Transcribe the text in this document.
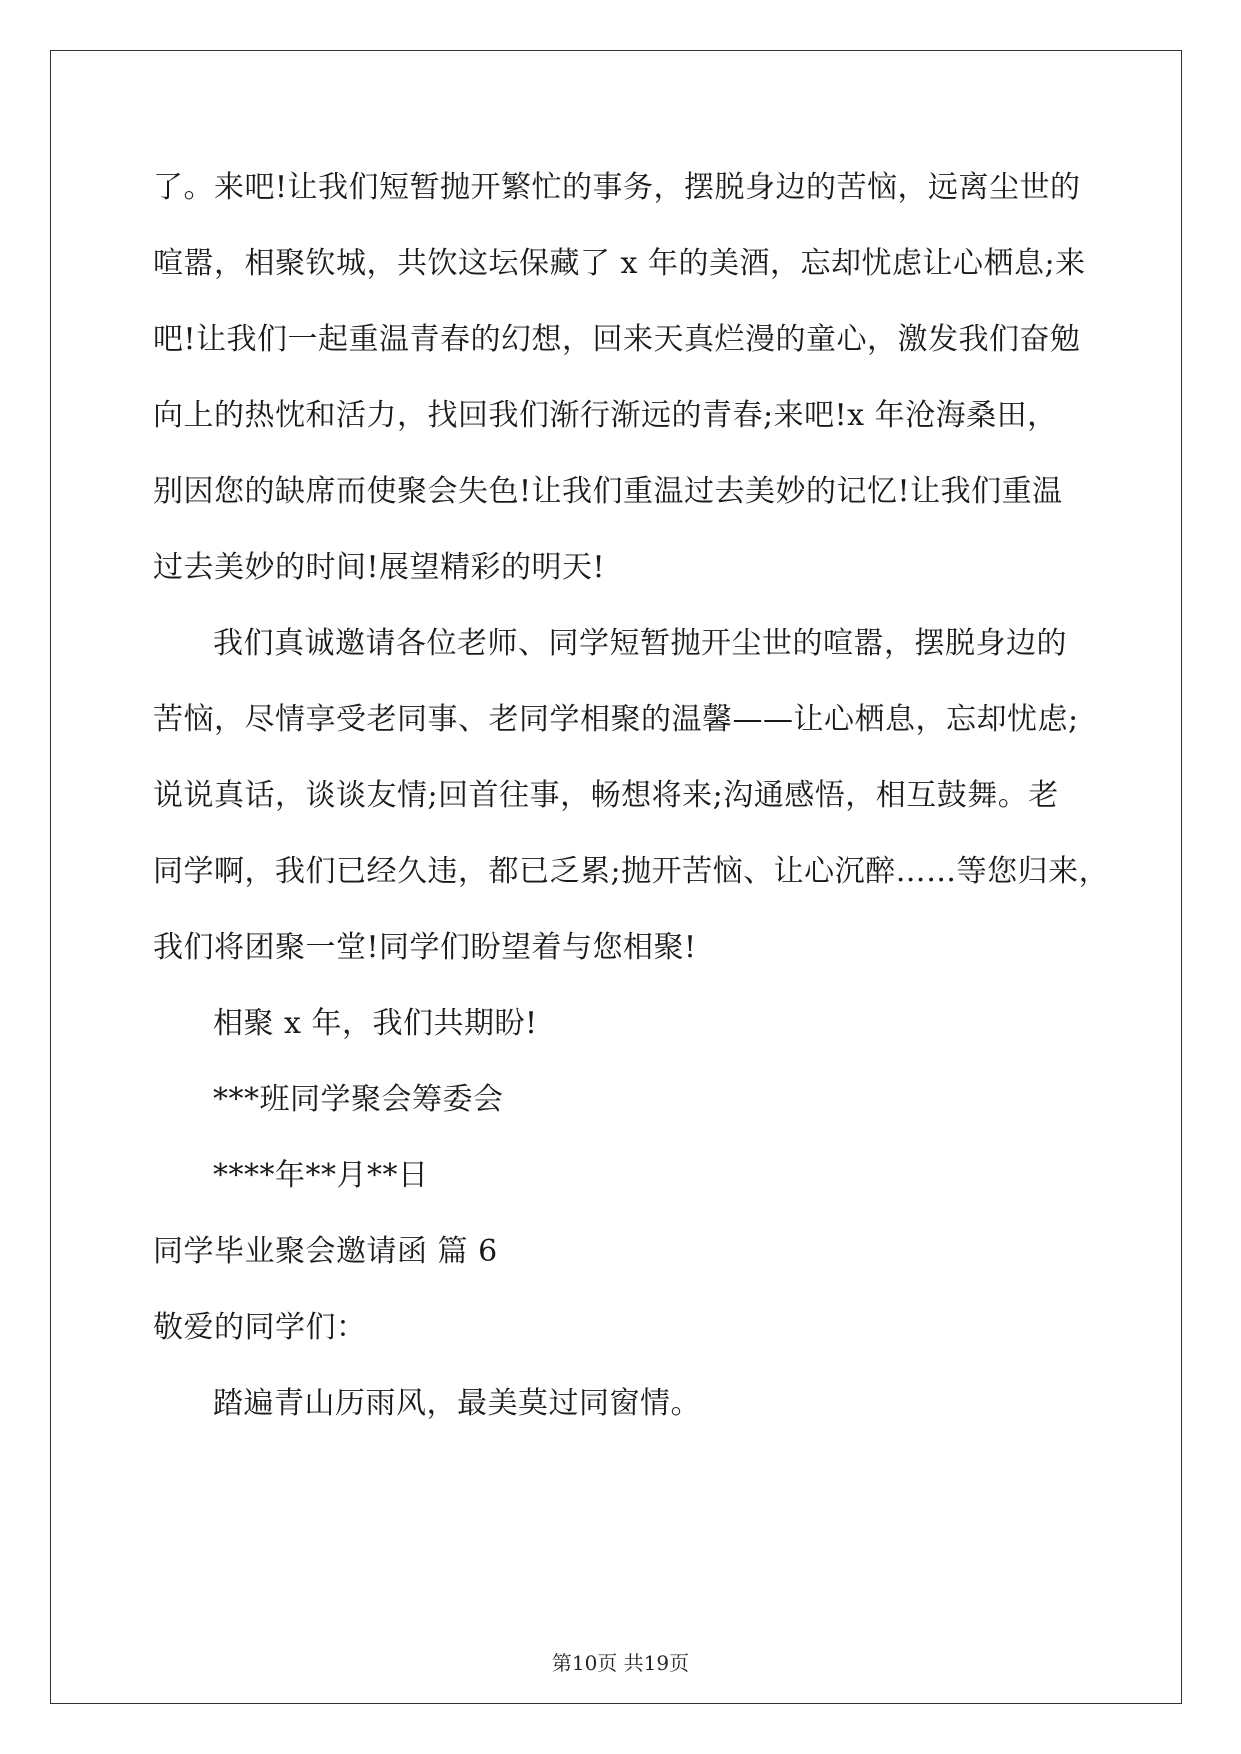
了。来吧!让我们短暂抛开繁忙的事务，摆脱身边的苦恼，远离尘世的
喧嚣，相聚钦城，共饮这坛保藏了 x 年的美酒，忘却忧虑让心栖息;来
吧!让我们一起重温青春的幻想，回来天真烂漫的童心，激发我们奋勉
向上的热忱和活力，找回我们渐行渐远的青春;来吧!x 年沧海桑田，
别因您的缺席而使聚会失色!让我们重温过去美妙的记忆!让我们重温
过去美妙的时间!展望精彩的明天!
我们真诚邀请各位老师、同学短暂抛开尘世的喧嚣，摆脱身边的
苦恼，尽情享受老同事、老同学相聚的温馨——让心栖息，忘却忧虑;
说说真话，谈谈友情;回首往事，畅想将来;沟通感悟，相互鼓舞。老
同学啊，我们已经久违，都已乏累;抛开苦恼、让心沉醉……等您归来，
我们将团聚一堂!同学们盼望着与您相聚!
相聚 x 年，我们共期盼!
***班同学聚会筹委会
****年**月**日
同学毕业聚会邀请函 篇 6
敬爱的同学们：
踏遍青山历雨风，最美莫过同窗情。
第10页 共19页
